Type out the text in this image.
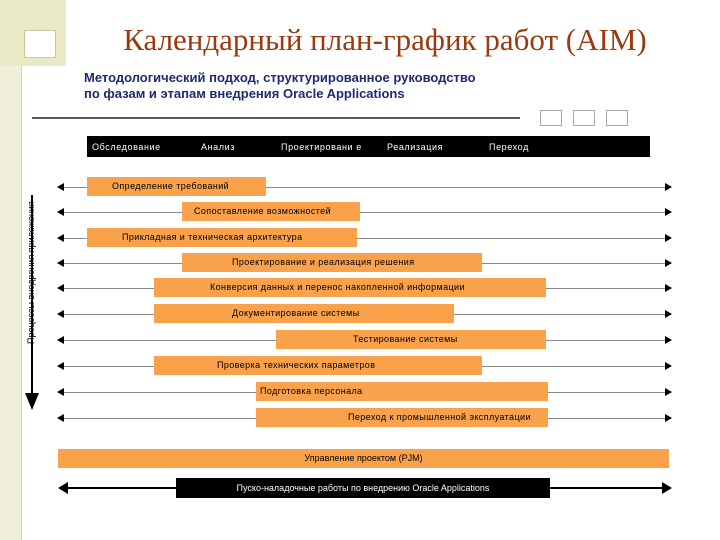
Календарный план-график работ (AIM)
Методологический подход, структурированное руководство
по фазам и этапам внедрения Oracle Applications
Обследование	Анализ	Проектировани е	Реализация	Переход	Запуск
Определение требований
Сопоставление возможностей
Прикладная и техническая архитектура
Проектирование и реализация решения
Конверсия данных и перенос накопленной информации
Документирование системы
Тестирование системы
Проверка технических параметров
Подготовка персонала
Переход к промышленной эксплуатации
Управление проектом (PJM)
Пуско-наладочные работы по внедрению Oracle Applications
